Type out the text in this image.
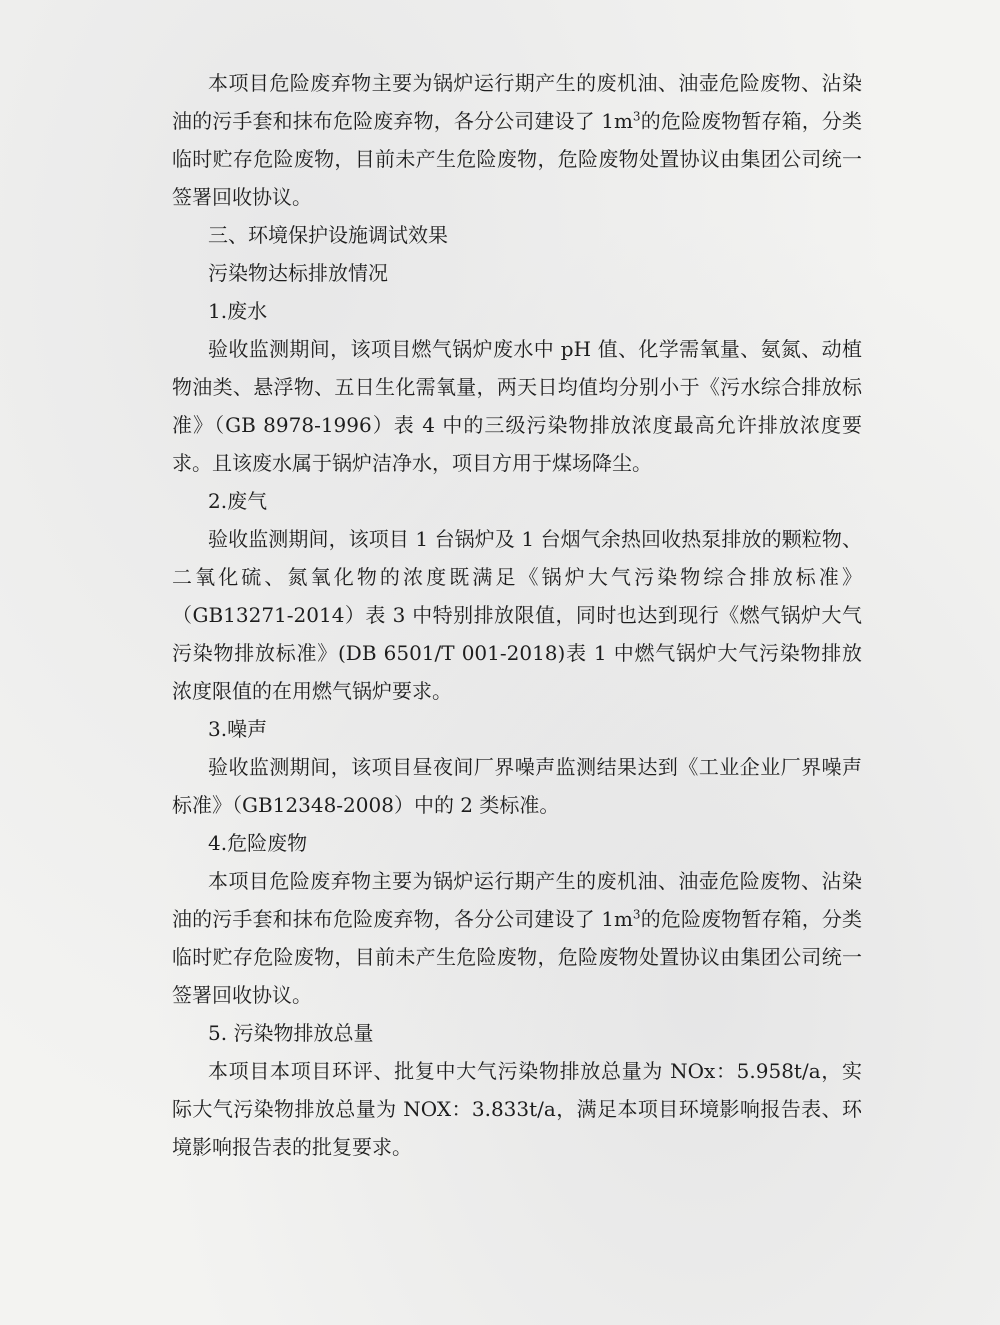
本项目危险废弃物主要为锅炉运行期产生的废机油、油壶危险废物、沾染油的污手套和抹布危险废弃物，各分公司建设了 $1m^3$的危险废物暂存箱，分类临时贮存危险废物，目前未产生危险废物，危险废物处置协议由集团公司统一签署回收协议。

三、环境保护设施调试效果

污染物达标排放情况

1.废水

验收监测期间，该项目燃气锅炉废水中 pH 值、化学需氧量、氨氮、动植物油类、悬浮物、五日生化需氧量，两天日均值均分别小于《污水综合排放标准》（GB 8978-1996）表 4 中的三级污染物排放浓度最高允许排放浓度要求。且该废水属于锅炉洁净水，项目方用于煤场降尘。

2.废气

验收监测期间，该项目 1 台锅炉及 1 台烟气余热回收热泵排放的颗粒物、二氧化硫、氮氧化物的浓度既满足《锅炉大气污染物综合排放标准》（GB13271-2014）表 3 中特别排放限值，同时也达到现行《燃气锅炉大气污染物排放标准》(DB 6501/T 001-2018)表 1 中燃气锅炉大气污染物排放浓度限值的在用燃气锅炉要求。

3.噪声

验收监测期间，该项目昼夜间厂界噪声监测结果达到《工业企业厂界噪声标准》（GB12348-2008）中的 2 类标准。

4.危险废物

本项目危险废弃物主要为锅炉运行期产生的废机油、油壶危险废物、沾染油的污手套和抹布危险废弃物，各分公司建设了 $1m^3$的危险废物暂存箱，分类临时贮存危险废物，目前未产生危险废物，危险废物处置协议由集团公司统一签署回收协议。

5. 污染物排放总量

本项目本项目环评、批复中大气污染物排放总量为 NOx：5.958t/a，实际大气污染物排放总量为 NOX：3.833t/a，满足本项目环境影响报告表、环境影响报告表的批复要求。
